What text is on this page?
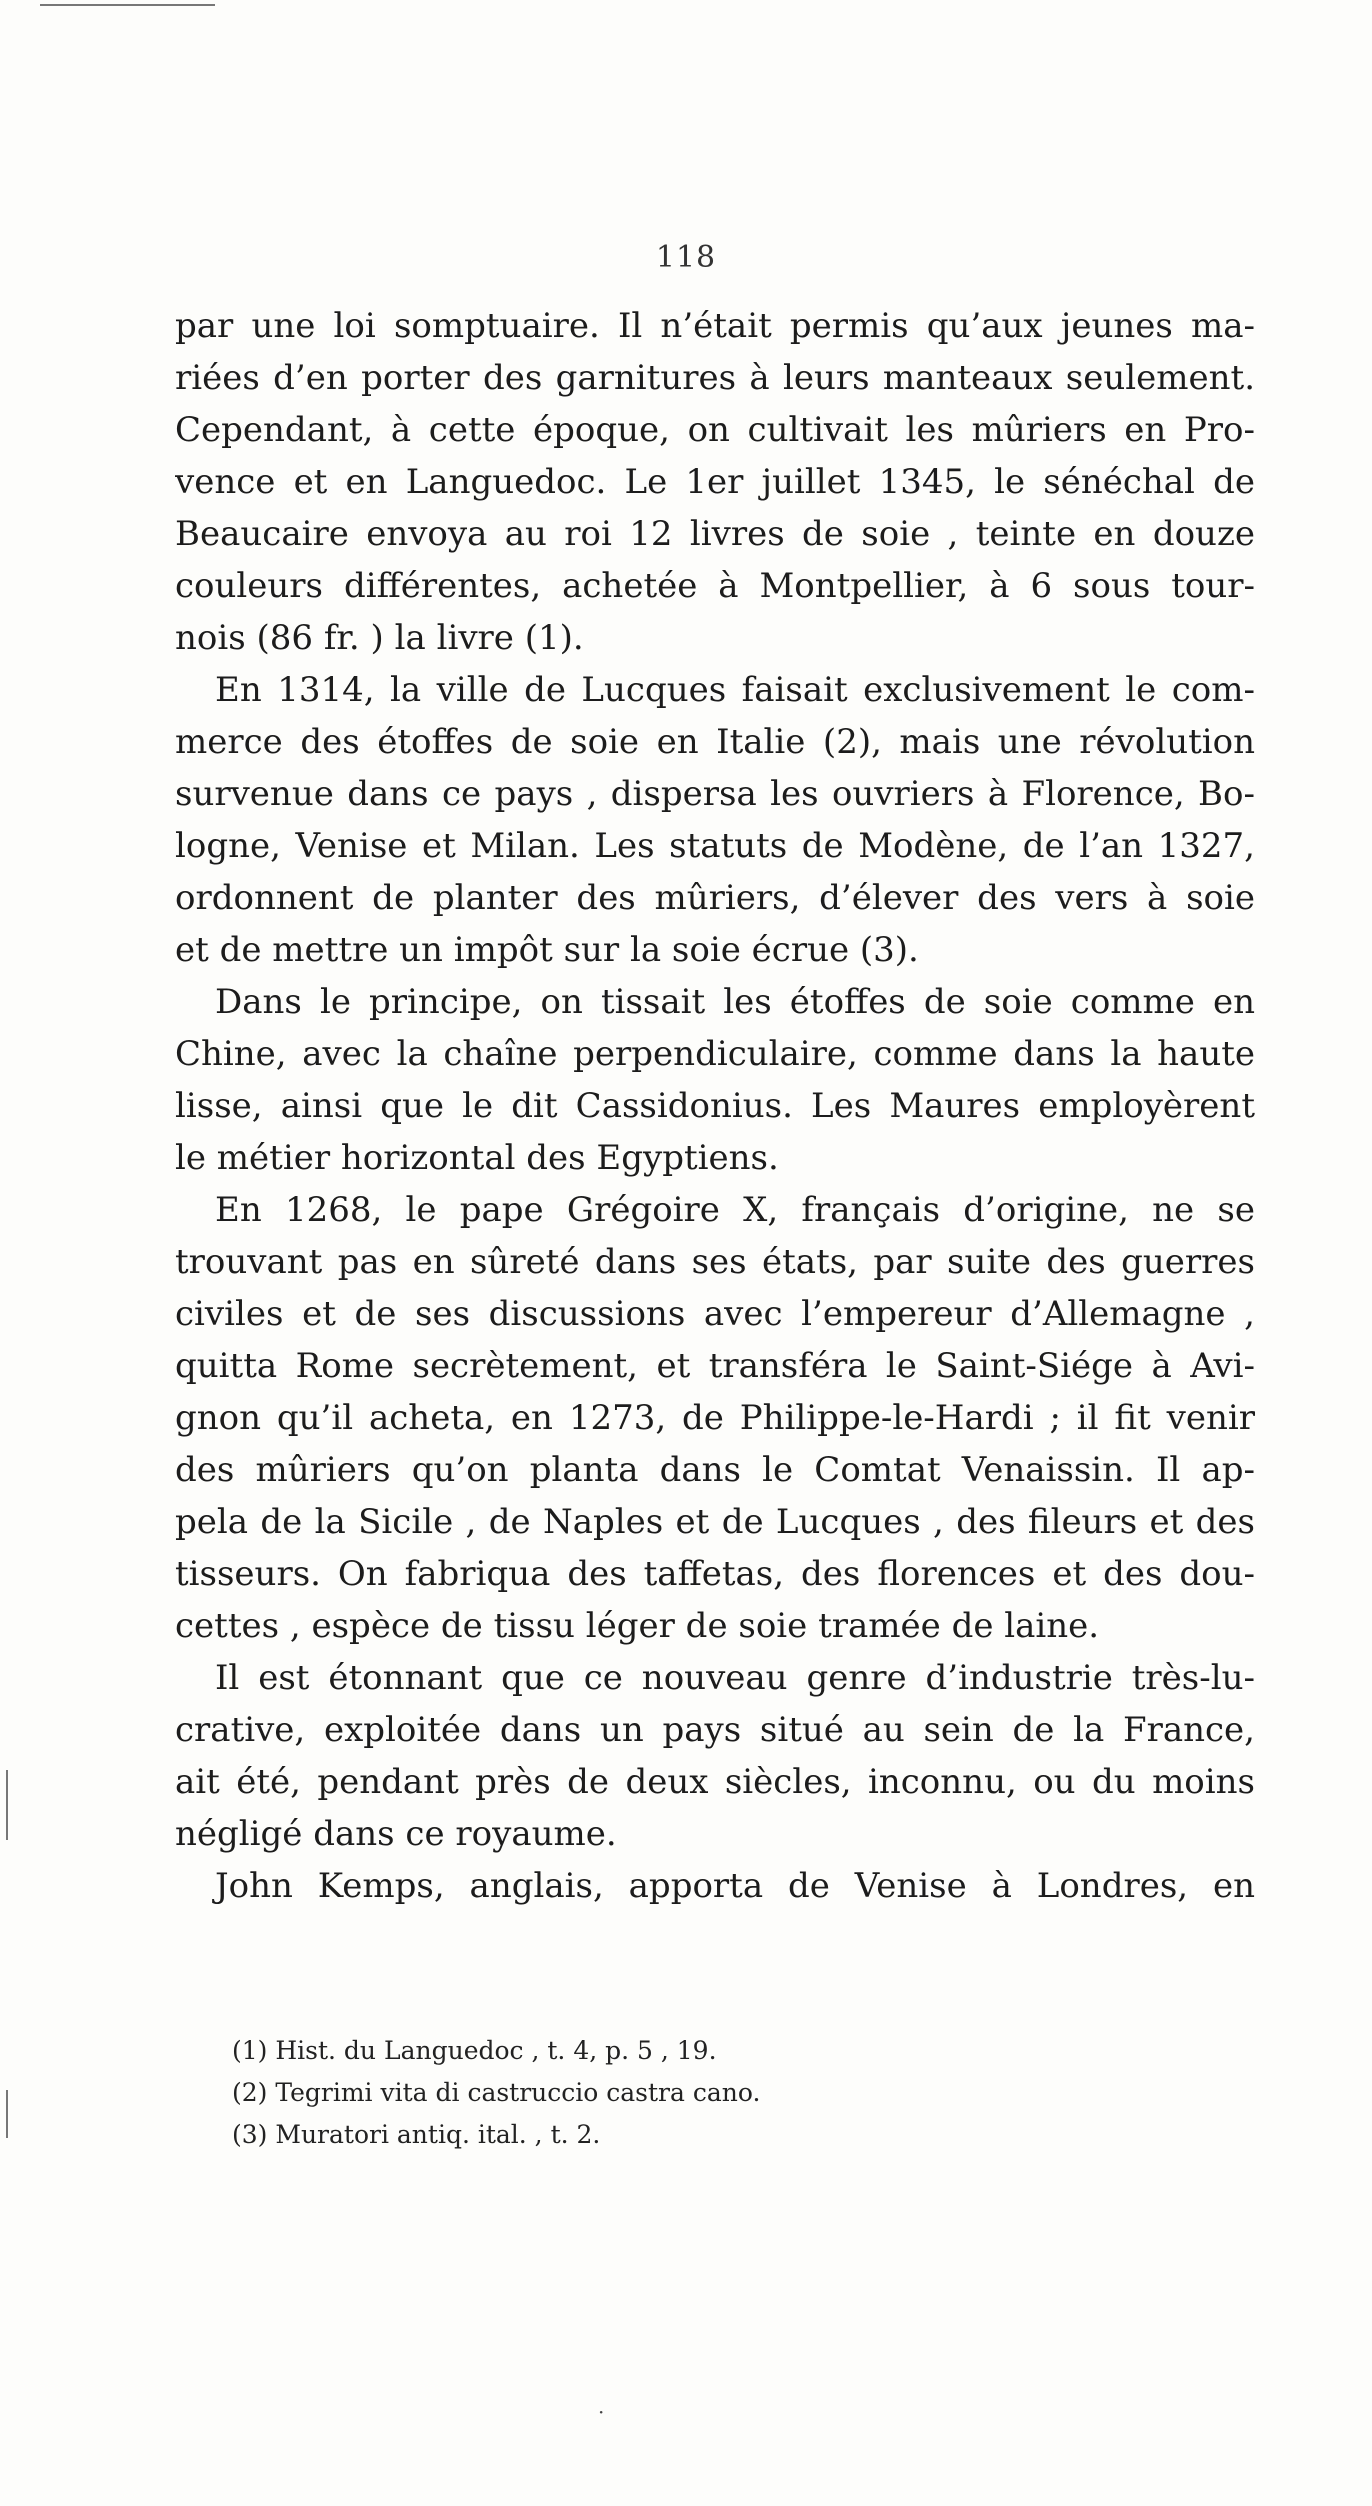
·
118
par une loi somptuaire. Il n’était permis qu’aux jeunes ma-
riées d’en porter des garnitures à leurs manteaux seulement.
Cependant, à cette époque, on cultivait les mûriers en Pro-
vence et en Languedoc. Le 1er juillet 1345, le sénéchal de
Beaucaire envoya au roi 12 livres de soie , teinte en douze
couleurs différentes, achetée à Montpellier, à 6 sous tour-
nois (86 fr. ) la livre (1).
En 1314, la ville de Lucques faisait exclusivement le com-
merce des étoffes de soie en Italie (2), mais une révolution
survenue dans ce pays , dispersa les ouvriers à Florence, Bo-
logne, Venise et Milan. Les statuts de Modène, de l’an 1327,
ordonnent de planter des mûriers, d’élever des vers à soie
et de mettre un impôt sur la soie écrue (3).
Dans le principe, on tissait les étoffes de soie comme en
Chine, avec la chaîne perpendiculaire, comme dans la haute
lisse, ainsi que le dit Cassidonius. Les Maures employèrent
le métier horizontal des Egyptiens.
En 1268, le pape Grégoire X, français d’origine, ne se
trouvant pas en sûreté dans ses états, par suite des guerres
civiles et de ses discussions avec l’empereur d’Allemagne ,
quitta Rome secrètement, et transféra le Saint-Siége à Avi-
gnon qu’il acheta, en 1273, de Philippe-le-Hardi ; il fit venir
des mûriers qu’on planta dans le Comtat Venaissin. Il ap-
pela de la Sicile , de Naples et de Lucques , des fileurs et des
tisseurs. On fabriqua des taffetas, des florences et des dou-
cettes , espèce de tissu léger de soie tramée de laine.
Il est étonnant que ce nouveau genre d’industrie très-lu-
crative, exploitée dans un pays situé au sein de la France,
ait été, pendant près de deux siècles, inconnu, ou du moins
négligé dans ce royaume.
John Kemps, anglais, apporta de Venise à Londres, en
(1) Hist. du Languedoc , t. 4, p. 5 , 19.
(2) Tegrimi vita di castruccio castra cano.
(3) Muratori antiq. ital. , t. 2.
